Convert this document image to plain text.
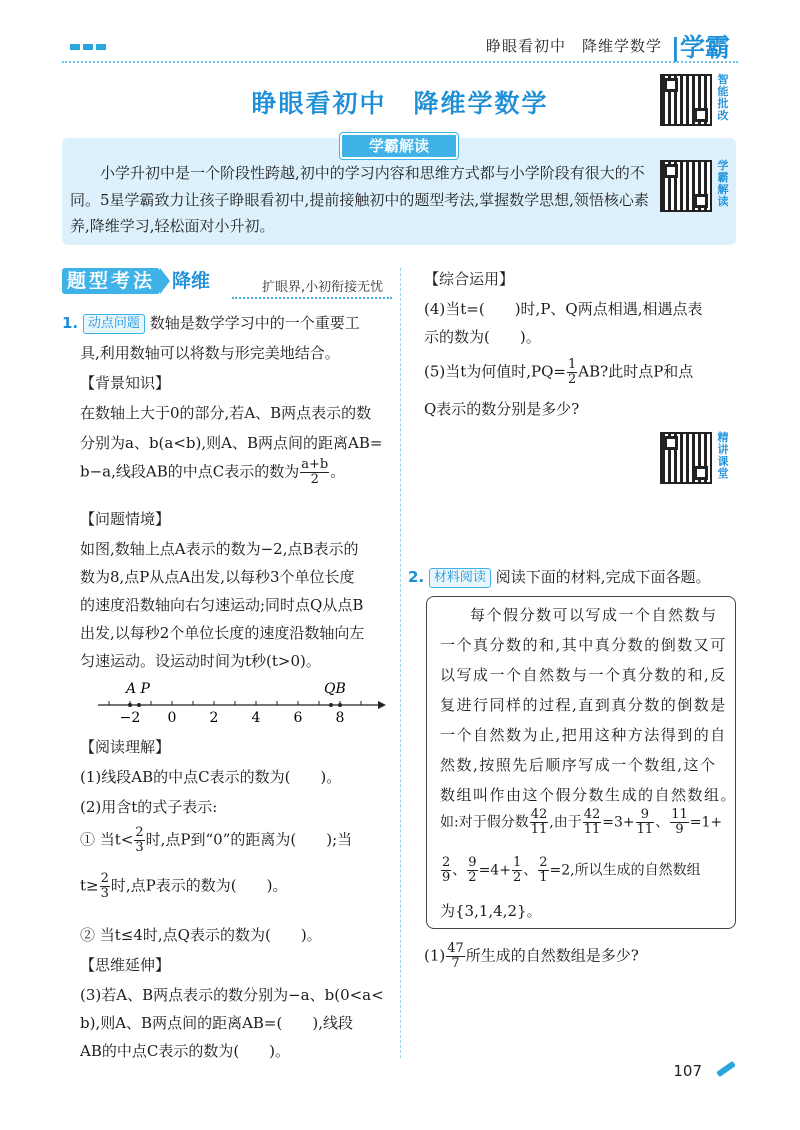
睁眼看初中　降维学数学 |学霸
睁眼看初中　降维学数学
智能批改
学霸解读
小学升初中是一个阶段性跨越,初中的学习内容和思维方式都与小学阶段有很大的不同。5星学霸致力让孩子睁眼看初中,提前接触初中的题型考法,掌握数学思想,领悟核心素养,降维学习,轻松面对小升初。
学霸解读
题型考法 降维	扩眼界,小初衔接无忧
1. 动点问题 数轴是数学学习中的一个重要工
具,利用数轴可以将数与形完美地结合。
【背景知识】
在数轴上大于0的部分,若A、B两点表示的数
分别为a、b(a<b),则A、B两点间的距离AB=
b−a,线段AB的中点C表示的数为 $\frac{a+b}{2}$ 。
【问题情境】
如图,数轴上点A表示的数为−2,点B表示的
数为8,点P从点A出发,以每秒3个单位长度
的速度沿数轴向右匀速运动;同时点Q从点B
出发,以每秒2个单位长度的速度沿数轴向左
匀速运动。设运动时间为t秒(t>0)。
−2 0 2 4 6 8
A P	QB
【阅读理解】
(1)线段AB的中点C表示的数为(　　)。
(2)用含t的式子表示:
① 当$t< \frac{2}{3}$ 时,点P到“0”的距离为(　　);当
$t\ge \frac{2}{3}$ 时,点P表示的数为(　　)。
② 当t≤4时,点Q表示的数为(　　)。
【思维延伸】
(3)若A、B两点表示的数分别为−a、b(0<a<
b),则A、B两点间的距离AB=(　　),线段
AB的中点C表示的数为(　　)。
【综合运用】
(4)当t=(　　)时,P、Q两点相遇,相遇点表
示的数为(　　)。
(5)当t为何值时$,PQ= \frac{1}{2}$ AB?此时点P和点
Q表示的数分别是多少?
精讲课堂
2. 材料阅读 阅读下面的材料,完成下面各题。
每个假分数可以写成一个自然数与
一个真分数的和,其中真分数的倒数又可
以写成一个自然数与一个真分数的和,反
复进行同样的过程,直到真分数的倒数是
一个自然数为止,把用这种方法得到的自
然数,按照先后顺序写成一个数组,这个
数组叫作由这个假分数生成的自然数组。
如:对于假分数 $\frac{42}{11}$ ,由于 $\frac{42}{11} =3+ \frac{9}{11}$ 、 $\frac{11}{9} =1+$
$\frac{2}{9}$ 、 $\frac{9}{2} =4+ \frac{1}{2}$ 、 $\frac{2}{1} =2$,所以生成的自然数组
为{3,1,4,2}。
$(1) \frac{47}{7}$ 所生成的自然数组是多少?
107
